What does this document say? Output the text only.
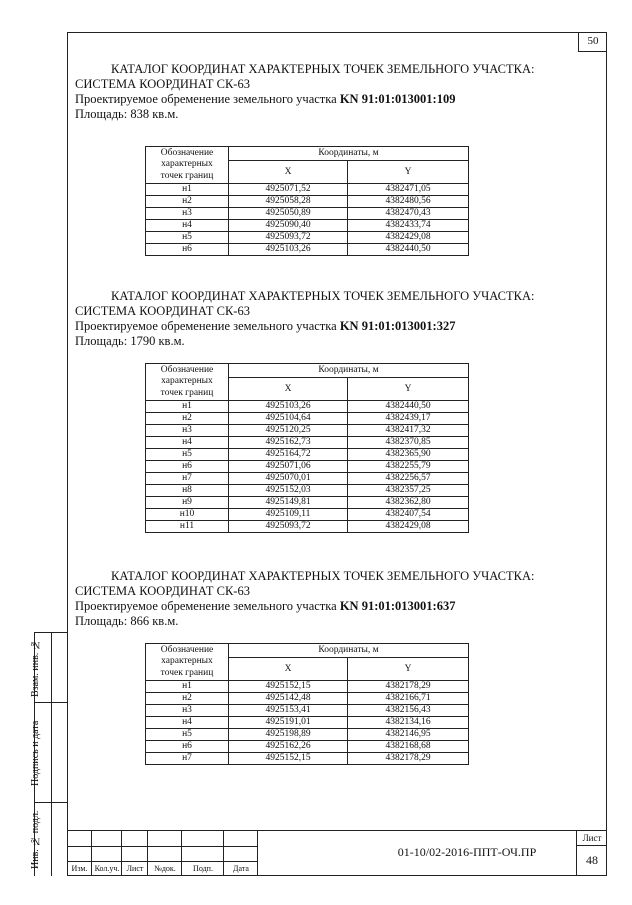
50
КАТАЛОГ КООРДИНАТ ХАРАКТЕРНЫХ ТОЧЕК ЗЕМЕЛЬНОГО УЧАСТКА:
СИСТЕМА КООРДИНАТ СК-63
Проектируемое обременение земельного участка KN 91:01:013001:109
Площадь: 838 кв.м.
Обозначение
характерных
точек границ	Координаты, м	
	X	Y
н1	4925071,52	4382471,05
н2	4925058,28	4382480,56
н3	4925050,89	4382470,43
н4	4925090,40	4382433,74
н5	4925093,72	4382429,08
н6	4925103,26	4382440,50
КАТАЛОГ КООРДИНАТ ХАРАКТЕРНЫХ ТОЧЕК ЗЕМЕЛЬНОГО УЧАСТКА:
СИСТЕМА КООРДИНАТ СК-63
Проектируемое обременение земельного участка KN 91:01:013001:327
Площадь: 1790 кв.м.
Обозначение
характерных
точек границ	Координаты, м	
	X	Y
н1	4925103,26	4382440,50
н2	4925104,64	4382439,17
н3	4925120,25	4382417,32
н4	4925162,73	4382370,85
н5	4925164,72	4382365,90
н6	4925071,06	4382255,79
н7	4925070,01	4382256,57
н8	4925152,03	4382357,25
н9	4925149,81	4382362,80
н10	4925109,11	4382407,54
н11	4925093,72	4382429,08
КАТАЛОГ КООРДИНАТ ХАРАКТЕРНЫХ ТОЧЕК ЗЕМЕЛЬНОГО УЧАСТКА:
СИСТЕМА КООРДИНАТ СК-63
Проектируемое обременение земельного участка KN 91:01:013001:637
Площадь: 866 кв.м.
Обозначение
характерных
точек границ	Координаты, м	
	X	Y
н1	4925152,15	4382178,29
н2	4925142,48	4382166,71
н3	4925153,41	4382156,43
н4	4925191,01	4382134,16
н5	4925198,89	4382146,95
н6	4925162,26	4382168,68
н7	4925152,15	4382178,29
Взам. инв. №
Подпись и дата
Инв. № подл.	Изм. Кол.уч. Лист	№док.	Подп.	Дата
01-10/02-2016-ППТ-ОЧ.ПР
Лист
48
